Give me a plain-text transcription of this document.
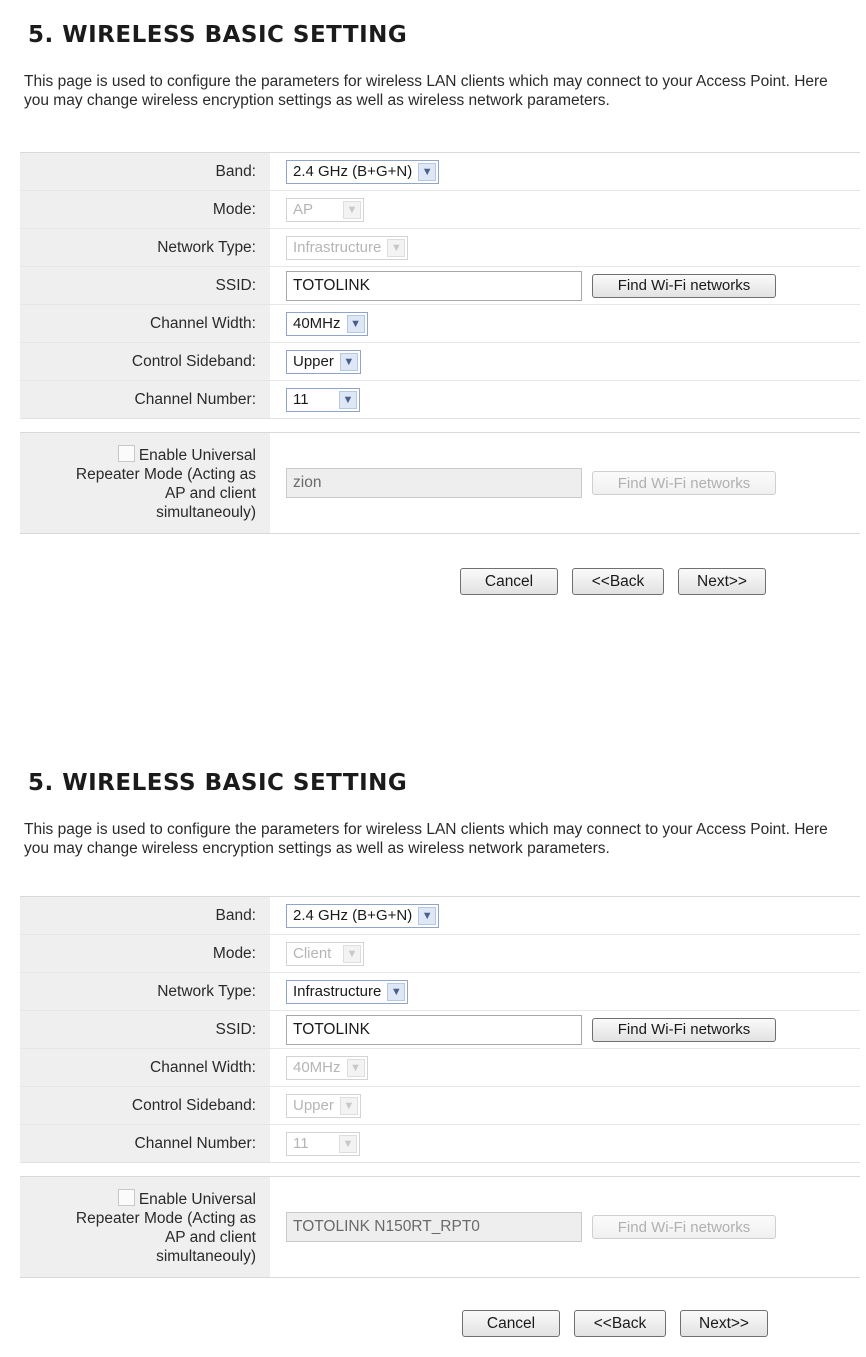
5. WIRELESS BASIC SETTING
This page is used to configure the parameters for wireless LAN clients which may connect to your Access Point. Here you may change wireless encryption settings as well as wireless network parameters.
Band:	2.4 GHz (B+G+N) ▼
Mode:	AP	▼
Network Type:	Infrastructure ▼
SSID:	TOTOLINK	Find Wi-Fi networks
Channel Width:	40MHz ▼
Control Sideband:	Upper ▼
Channel Number:	11	▼
Enable Universal
Repeater Mode (Acting as
AP and client
simultaneouly)
zion	Find Wi-Fi networks
Cancel	<<Back	Next>>
5. WIRELESS BASIC SETTING
This page is used to configure the parameters for wireless LAN clients which may connect to your Access Point. Here you may change wireless encryption settings as well as wireless network parameters.
Band:	2.4 GHz (B+G+N) ▼
Mode:	Client	▼
Network Type:	Infrastructure ▼
SSID:	TOTOLINK	Find Wi-Fi networks
Channel Width:	40MHz ▼
Control Sideband:	Upper ▼
Channel Number:	11	▼
Enable Universal
Repeater Mode (Acting as
AP and client
simultaneouly)
TOTOLINK N150RT_RPT0	Find Wi-Fi networks
Cancel	<<Back	Next>>
